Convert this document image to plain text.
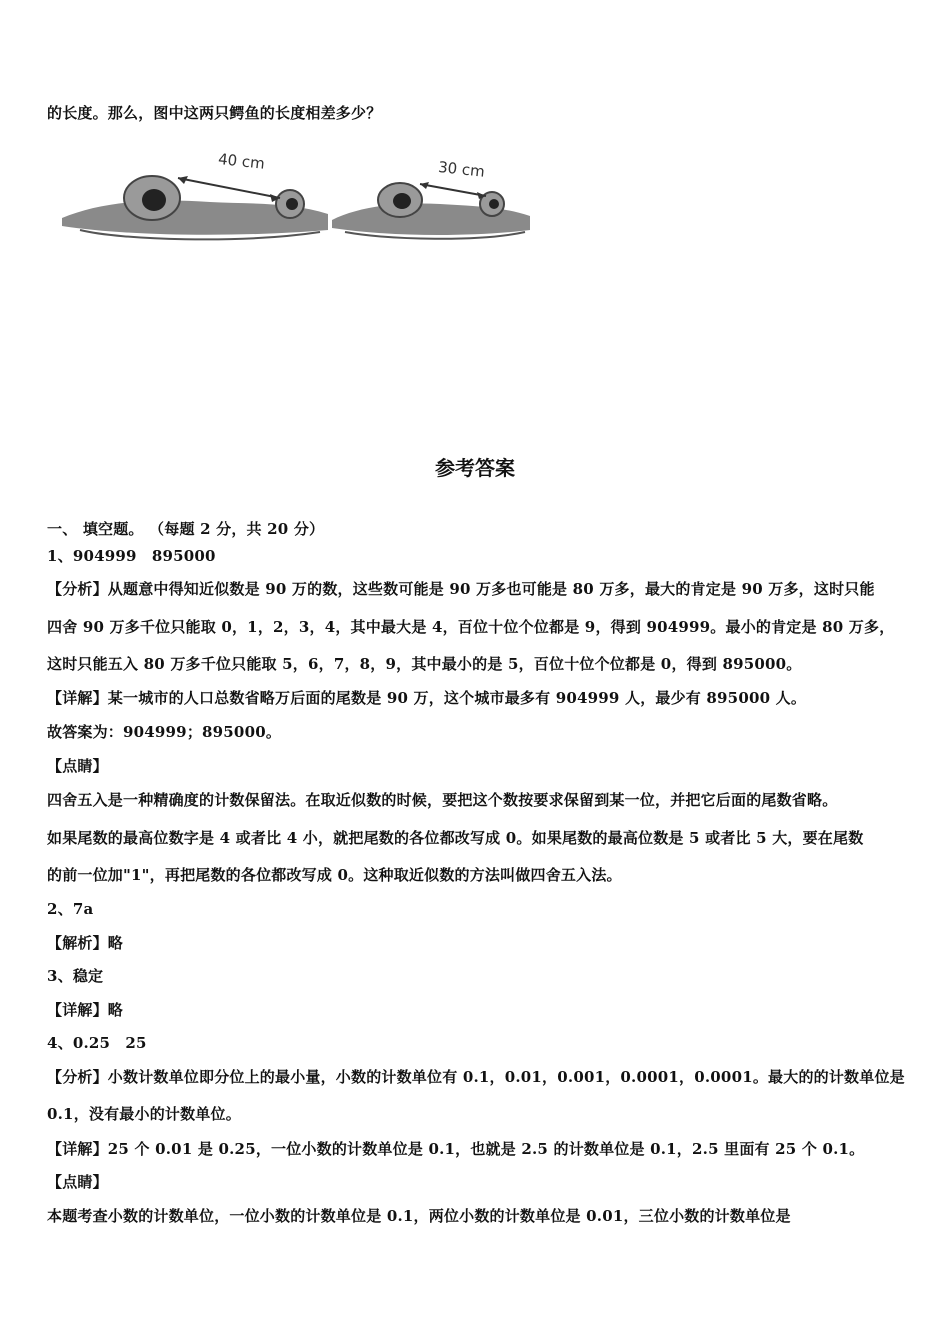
的长度。那么，图中这两只鳄鱼的长度相差多少？
40 cm	30 cm
参考答案
一、 填空题。 （每题 2 分，共 20 分）
1、904999　895000
【分析】从题意中得知近似数是 90 万的数，这些数可能是 90 万多也可能是 80 万多，最大的肯定是 90 万多，这时只能
四舍 90 万多千位只能取 0，1，2，3，4，其中最大是 4，百位十位个位都是 9，得到 904999。最小的肯定是 80 万多，
这时只能五入 80 万多千位只能取 5，6，7，8，9，其中最小的是 5，百位十位个位都是 0，得到 895000。
【详解】某一城市的人口总数省略万后面的尾数是 90 万，这个城市最多有 904999 人，最少有 895000 人。
故答案为：904999；895000。
【点睛】
四舍五入是一种精确度的计数保留法。在取近似数的时候，要把这个数按要求保留到某一位，并把它后面的尾数省略。
如果尾数的最高位数字是 4 或者比 4 小，就把尾数的各位都改写成 0。如果尾数的最高位数是 5 或者比 5 大，要在尾数
的前一位加"1"，再把尾数的各位都改写成 0。这种取近似数的方法叫做四舍五入法。
2、7a
【解析】略
3、稳定
【详解】略
4、0.25　25
【分析】小数计数单位即分位上的最小量，小数的计数单位有 0.1，0.01，0.001，0.0001，0.0001。最大的的计数单位是
0.1，没有最小的计数单位。
【详解】25 个 0.01 是 0.25，一位小数的计数单位是 0.1，也就是 2.5 的计数单位是 0.1，2.5 里面有 25 个 0.1。
【点睛】
本题考查小数的计数单位，一位小数的计数单位是 0.1，两位小数的计数单位是 0.01，三位小数的计数单位是
